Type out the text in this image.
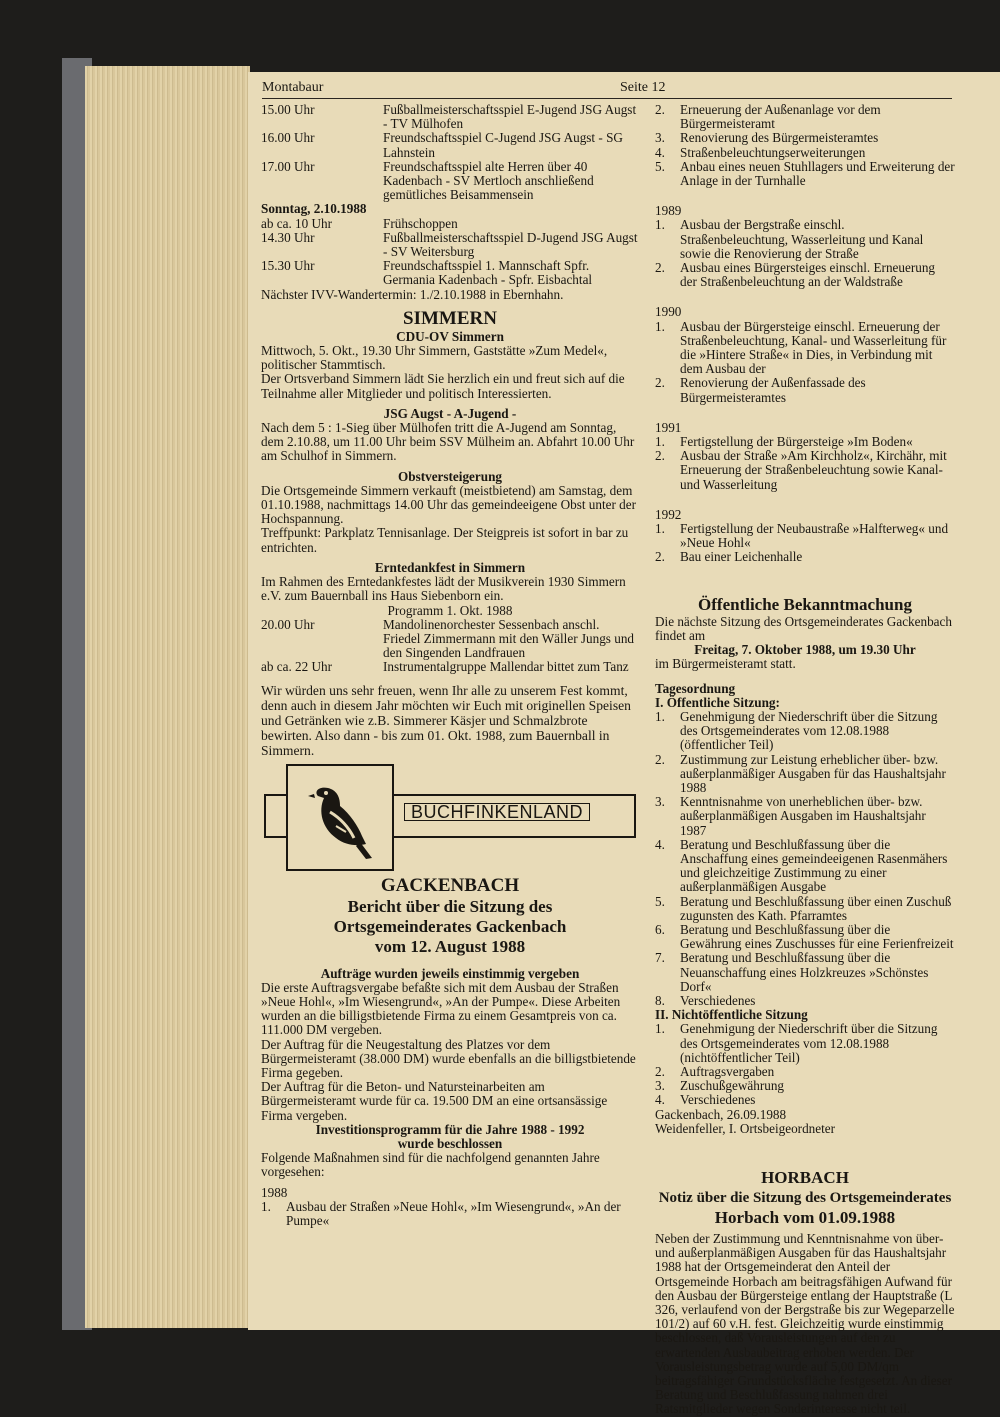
Montabaur	Seite 12
15.00 Uhr	Fußballmeisterschaftsspiel E-Jugend JSG Augst - TV Mülhofen
16.00 Uhr	Freundschaftsspiel C-Jugend JSG Augst - SG Lahnstein
17.00 Uhr	Freundschaftsspiel alte Herren über 40 Kadenbach - SV Mertloch anschließend gemütliches Beisammensein

Sonntag, 2.10.1988

ab ca. 10 Uhr	Frühschoppen
14.30 Uhr	Fußballmeisterschaftsspiel D-Jugend JSG Augst - SV Weitersburg
15.30 Uhr	Freundschaftsspiel 1. Mannschaft Spfr. Germania Kadenbach - Spfr. Eisbachtal

Nächster IVV-Wandertermin: 1./2.10.1988 in Ebernhahn.

SIMMERN

CDU-OV Simmern

Mittwoch, 5. Okt., 19.30 Uhr Simmern, Gaststätte »Zum Medel«, politischer Stammtisch.

Der Ortsverband Simmern lädt Sie herzlich ein und freut sich auf die Teilnahme aller Mitglieder und politisch Interessierten.

JSG Augst - A-Jugend -

Nach dem 5 : 1-Sieg über Mülhofen tritt die A-Jugend am Sonntag, dem 2.10.88, um 11.00 Uhr beim SSV Mülheim an. Abfahrt 10.00 Uhr am Schulhof in Simmern.

Obstversteigerung

Die Ortsgemeinde Simmern verkauft (meistbietend) am Samstag, dem 01.10.1988, nachmittags 14.00 Uhr das gemeindeeigene Obst unter der Hochspannung.

Treffpunkt: Parkplatz Tennisanlage. Der Steigpreis ist sofort in bar zu entrichten.

Erntedankfest in Simmern

Im Rahmen des Erntedankfestes lädt der Musikverein 1930 Simmern e.V. zum Bauernball ins Haus Siebenborn ein.

Programm 1. Okt. 1988

20.00 Uhr	Mandolinenorchester Sessenbach anschl. Friedel Zimmermann mit den Wäller Jungs und den Singenden Landfrauen
ab ca. 22 Uhr	Instrumentalgruppe Mallendar bittet zum Tanz

Wir würden uns sehr freuen, wenn Ihr alle zu unserem Fest kommt, denn auch in diesem Jahr möchten wir Euch mit originellen Speisen und Getränken wie z.B. Simmerer Käsjer und Schmalzbrote bewirten. Also dann - bis zum 01. Okt. 1988, zum Bauernball in Simmern.

BUCHFINKENLAND
GACKENBACH
Bericht über die Sitzung des
Ortsgemeinderates Gackenbach
vom 12. August 1988

Aufträge wurden jeweils einstimmig vergeben

Die erste Auftragsvergabe befaßte sich mit dem Ausbau der Straßen »Neue Hohl«, »Im Wiesengrund«, »An der Pumpe«. Diese Arbeiten wurden an die billigstbietende Firma zu einem Gesamtpreis von ca. 111.000 DM vergeben.

Der Auftrag für die Neugestaltung des Platzes vor dem Bürgermeisteramt (38.000 DM) wurde ebenfalls an die billigstbietende Firma gegeben.

Der Auftrag für die Beton- und Natursteinarbeiten am Bürgermeisteramt wurde für ca. 19.500 DM an eine ortsansässige Firma vergeben.

Investitionsprogramm für die Jahre 1988 - 1992

wurde beschlossen

Folgende Maßnahmen sind für die nachfolgend genannten Jahre vorgesehen:

1988

1.	Ausbau der Straßen »Neue Hohl«, »Im Wiesengrund«, »An der Pumpe«
2.	Erneuerung der Außenanlage vor dem Bürgermeisteramt
3.	Renovierung des Bürgermeisteramtes
4.	Straßenbeleuchtungserweiterungen
5.	Anbau eines neuen Stuhllagers und Erweiterung der Anlage in der Turnhalle

1989

1.	Ausbau der Bergstraße einschl. Straßenbeleuchtung, Wasserleitung und Kanal sowie die Renovierung der Straße
2.	Ausbau eines Bürgersteiges einschl. Erneuerung der Straßenbeleuchtung an der Waldstraße

1990

1.	Ausbau der Bürgersteige einschl. Erneuerung der Straßenbeleuchtung, Kanal- und Wasserleitung für die »Hintere Straße« in Dies, in Verbindung mit dem Ausbau der
2.	Renovierung der Außenfassade des Bürgermeisteramtes

1991

1.	Fertigstellung der Bürgersteige »Im Boden«
2.	Ausbau der Straße »Am Kirchholz«, Kirchähr, mit Erneuerung der Straßenbeleuchtung sowie Kanal- und Wasserleitung

1992

1.	Fertigstellung der Neubaustraße »Halfterweg« und »Neue Hohl«
2.	Bau einer Leichenhalle
Öffentliche Bekanntmachung

Die nächste Sitzung des Ortsgemeinderates Gackenbach findet am

Freitag, 7. Oktober 1988, um 19.30 Uhr

im Bürgermeisteramt statt.

Tagesordnung

I. Öffentliche Sitzung:

1.	Genehmigung der Niederschrift über die Sitzung des Ortsgemeinderates vom 12.08.1988 (öffentlicher Teil)
2.	Zustimmung zur Leistung erheblicher über- bzw. außerplanmäßiger Ausgaben für das Haushaltsjahr 1988
3.	Kenntnisnahme von unerheblichen über- bzw. außerplanmäßigen Ausgaben im Haushaltsjahr 1987
4.	Beratung und Beschlußfassung über die Anschaffung eines gemeindeeigenen Rasenmähers und gleichzeitige Zustimmung zu einer außerplanmäßigen Ausgabe
5.	Beratung und Beschlußfassung über einen Zuschuß zugunsten des Kath. Pfarramtes
6.	Beratung und Beschlußfassung über die Gewährung eines Zuschusses für eine Ferienfreizeit
7.	Beratung und Beschlußfassung über die Neuanschaffung eines Holzkreuzes »Schönstes Dorf«
8.	Verschiedenes

II. Nichtöffentliche Sitzung

1.	Genehmigung der Niederschrift über die Sitzung des Ortsgemeinderates vom 12.08.1988 (nichtöffentlicher Teil)
2.	Auftragsvergaben
3.	Zuschußgewährung
4.	Verschiedenes

Gackenbach, 26.09.1988

Weidenfeller, I. Ortsbeigeordneter

HORBACH
Notiz über die Sitzung des Ortsgemeinderates
Horbach vom 01.09.1988

Neben der Zustimmung und Kenntnisnahme von über- und außerplanmäßigen Ausgaben für das Haushaltsjahr 1988 hat der Ortsgemeinderat den Anteil der Ortsgemeinde Horbach am beitragsfähigen Aufwand für den Ausbau der Bürgersteige entlang der Hauptstraße (L 326, verlaufend von der Bergstraße bis zur Wegeparzelle 101/2) auf 60 v.H. fest. Gleichzeitig wurde einstimmig beschlossen, daß Vorausleistungen auf den zu erwartenden Ausbaubeitrag erhoben werden. Der Vorausleistungsbetrag wurde auf 5,00 DM/qm beitragsfähiger Grundstücksfläche festgesetzt. An dieser Beratung und Beschlußfassung nahmen drei Ratsmitglieder wegen Sonderinteresse nicht teil.
